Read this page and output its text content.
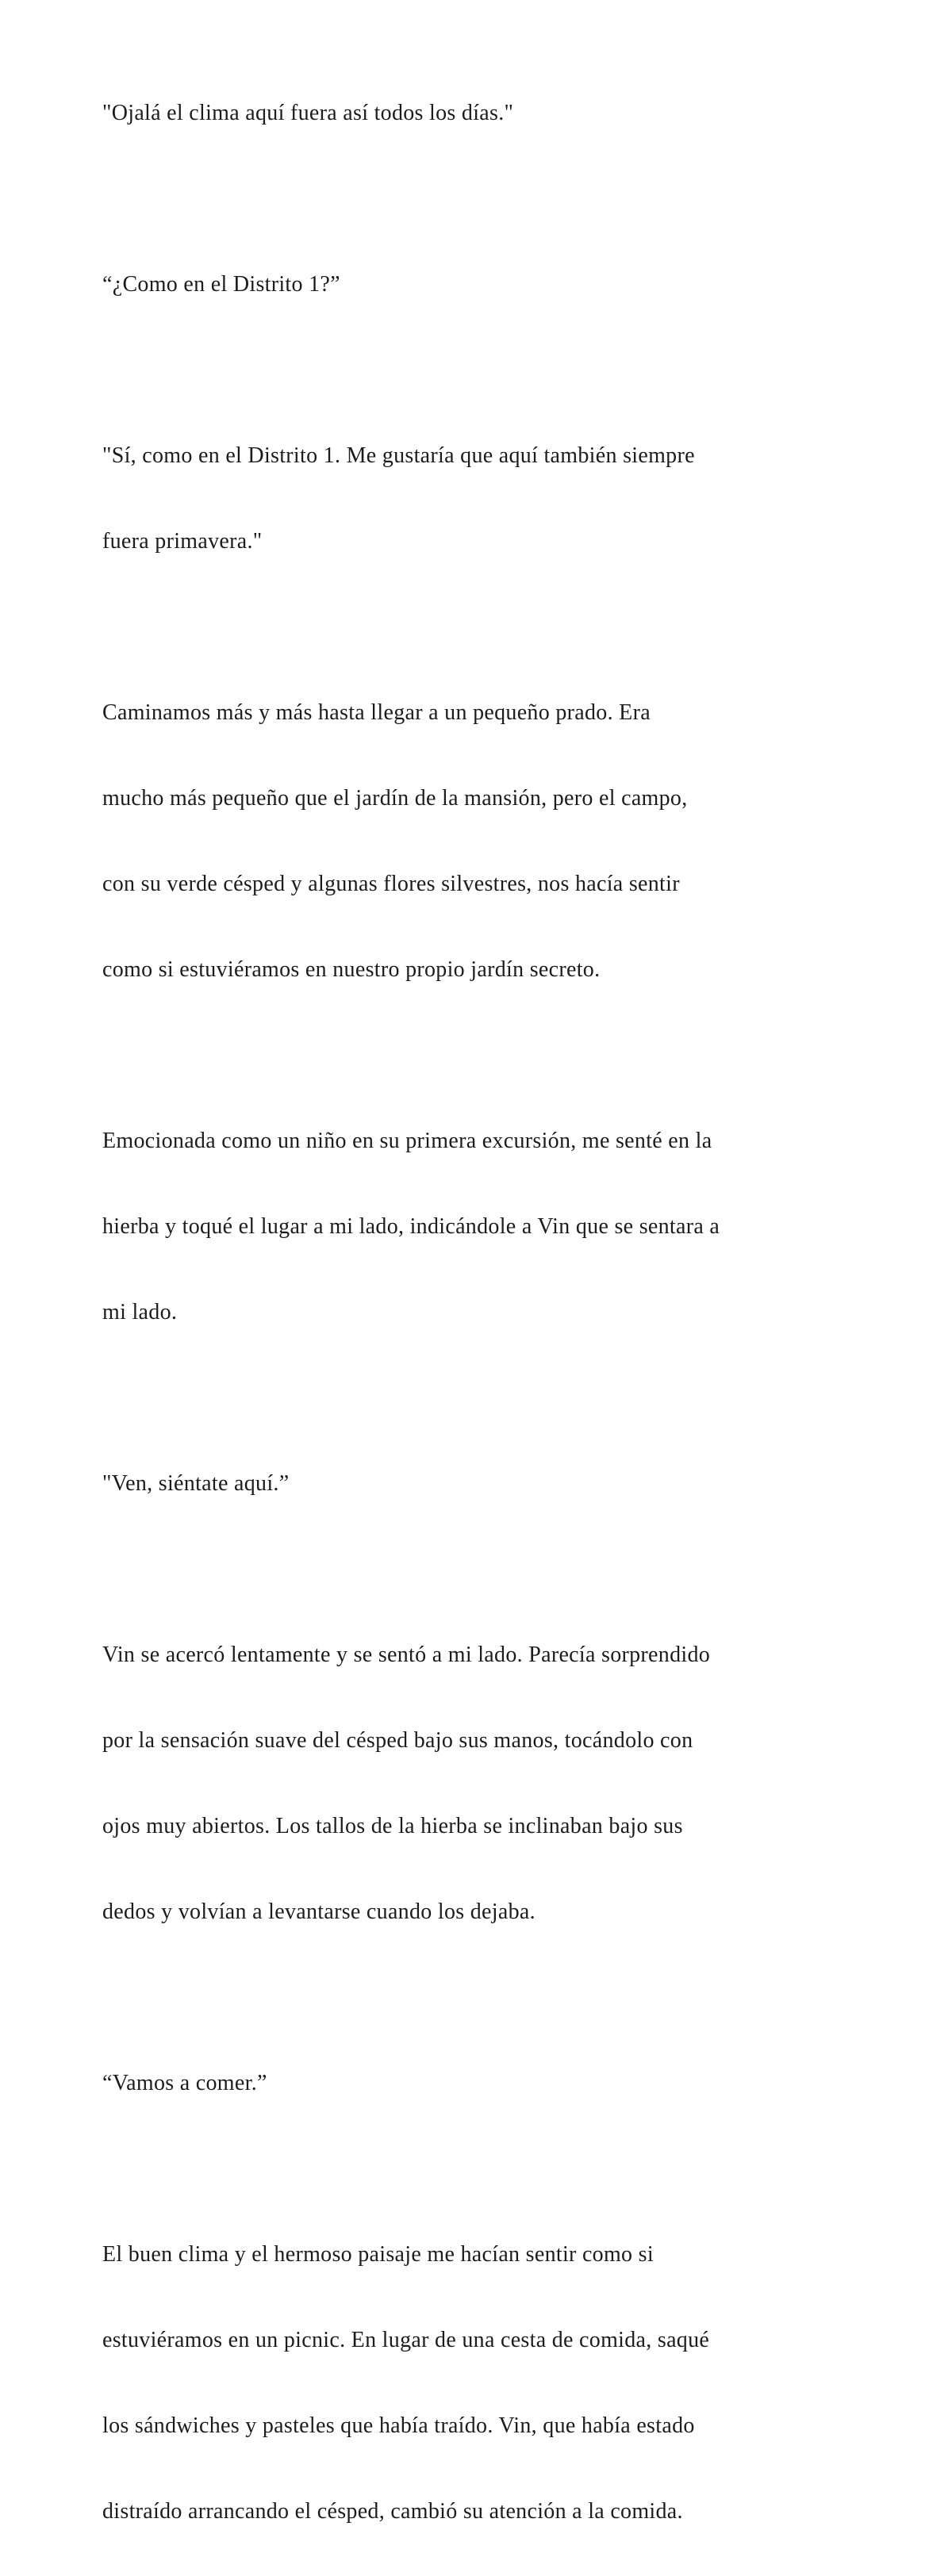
"Ojalá el clima aquí fuera así todos los días."

“¿Como en el Distrito 1?”

"Sí, como en el Distrito 1. Me gustaría que aquí también siempre

fuera primavera."

Caminamos más y más hasta llegar a un pequeño prado. Era

mucho más pequeño que el jardín de la mansión, pero el campo,

con su verde césped y algunas flores silvestres, nos hacía sentir

como si estuviéramos en nuestro propio jardín secreto.

Emocionada como un niño en su primera excursión, me senté en la

hierba y toqué el lugar a mi lado, indicándole a Vin que se sentara a

mi lado.

"Ven, siéntate aquí.”

Vin se acercó lentamente y se sentó a mi lado. Parecía sorprendido

por la sensación suave del césped bajo sus manos, tocándolo con

ojos muy abiertos. Los tallos de la hierba se inclinaban bajo sus

dedos y volvían a levantarse cuando los dejaba.

“Vamos a comer.”

El buen clima y el hermoso paisaje me hacían sentir como si

estuviéramos en un picnic. En lugar de una cesta de comida, saqué

los sándwiches y pasteles que había traído. Vin, que había estado

distraído arrancando el césped, cambió su atención a la comida.
